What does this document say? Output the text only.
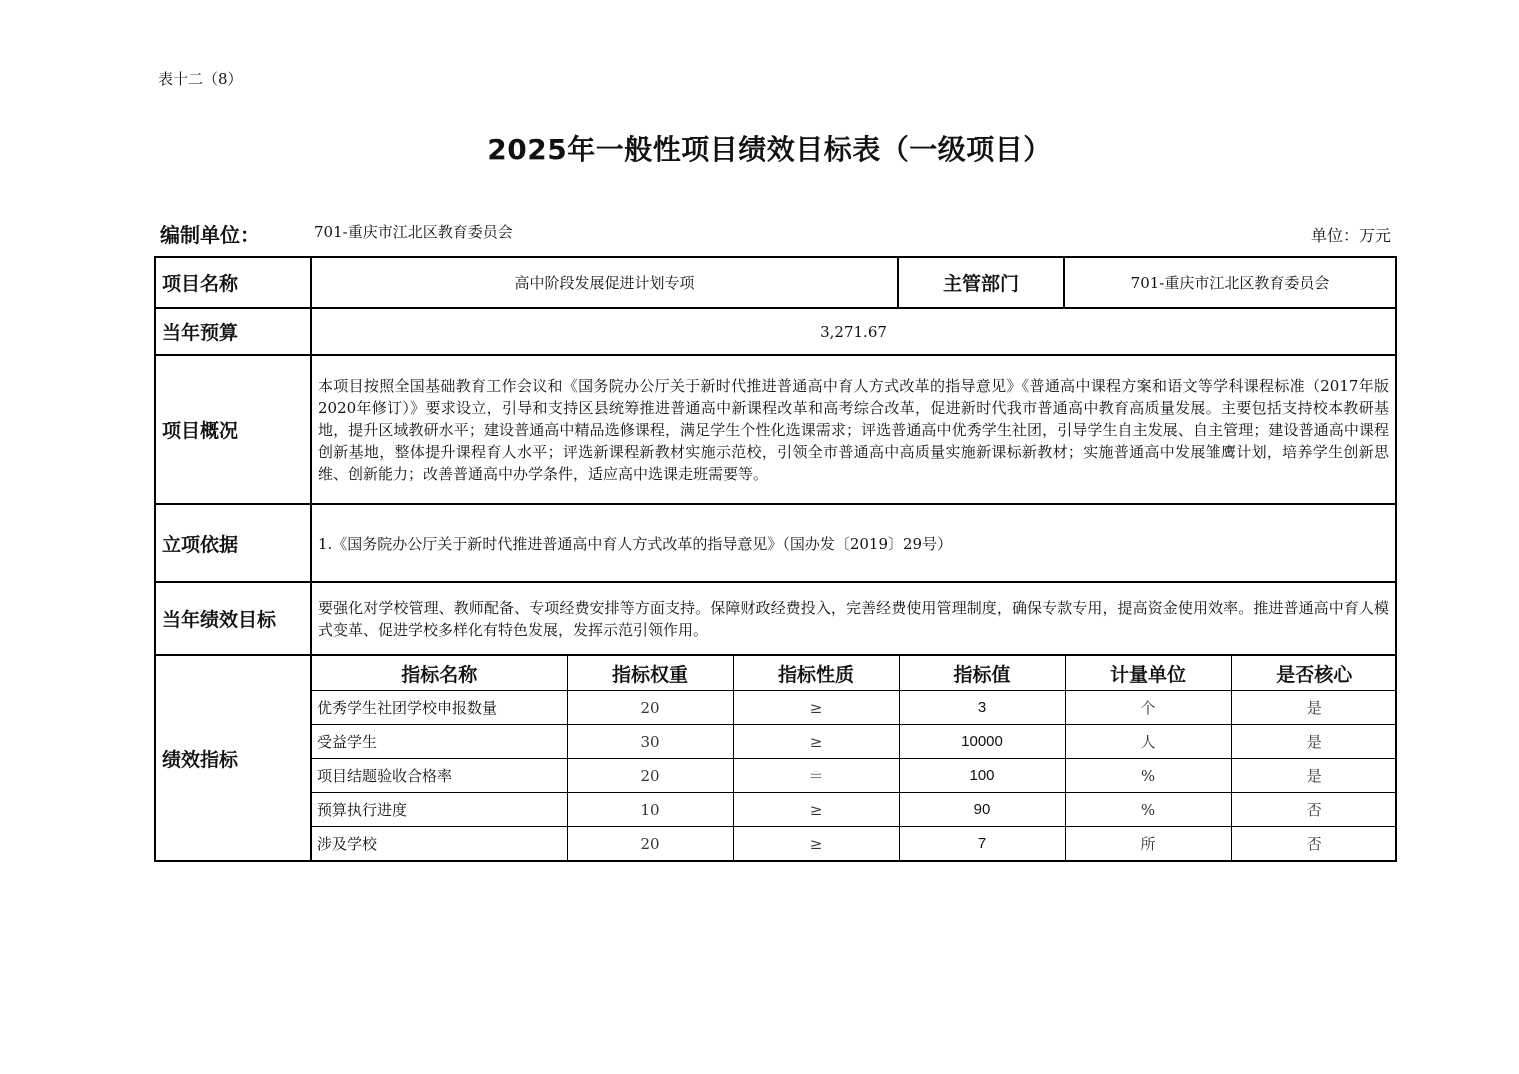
表十二（8）
2025年一般性项目绩效目标表（一级项目）
编制单位：	701-重庆市江北区教育委员会	单位：万元
项目名称	高中阶段发展促进计划专项	主管部门	701-重庆市江北区教育委员会
当年预算	3,271.67
项目概况	本项目按照全国基础教育工作会议和《国务院办公厅关于新时代推进普通高中育人方式改革的指导意见》《普通高中课程方案和语文等学科课程标准（2017年版2020年修订）》要求设立，引导和支持区县统筹推进普通高中新课程改革和高考综合改革，促进新时代我市普通高中教育高质量发展。主要包括支持校本教研基地，提升区域教研水平；建设普通高中精品选修课程，满足学生个性化选课需求；评选普通高中优秀学生社团，引导学生自主发展、自主管理；建设普通高中课程创新基地，整体提升课程育人水平；评选新课程新教材实施示范校，引领全市普通高中高质量实施新课标新教材；实施普通高中发展雏鹰计划，培养学生创新思维、创新能力；改善普通高中办学条件，适应高中选课走班需要等。
立项依据	1.《国务院办公厅关于新时代推进普通高中育人方式改革的指导意见》（国办发〔2019〕29号）
当年绩效目标	要强化对学校管理、教师配备、专项经费安排等方面支持。保障财政经费投入，完善经费使用管理制度，确保专款专用，提高资金使用效率。推进普通高中育人模式变革、促进学校多样化有特色发展，发挥示范引领作用。
绩效指标	
指标名称	指标权重	指标性质	指标值	计量单位	是否核心
优秀学生社团学校申报数量	20	≥	3	个	是
受益学生	30	≥	10000	人	是
项目结题验收合格率	20	＝	100	%	是
预算执行进度	10	≥	90	%	否
涉及学校	20	≥	7	所	否
